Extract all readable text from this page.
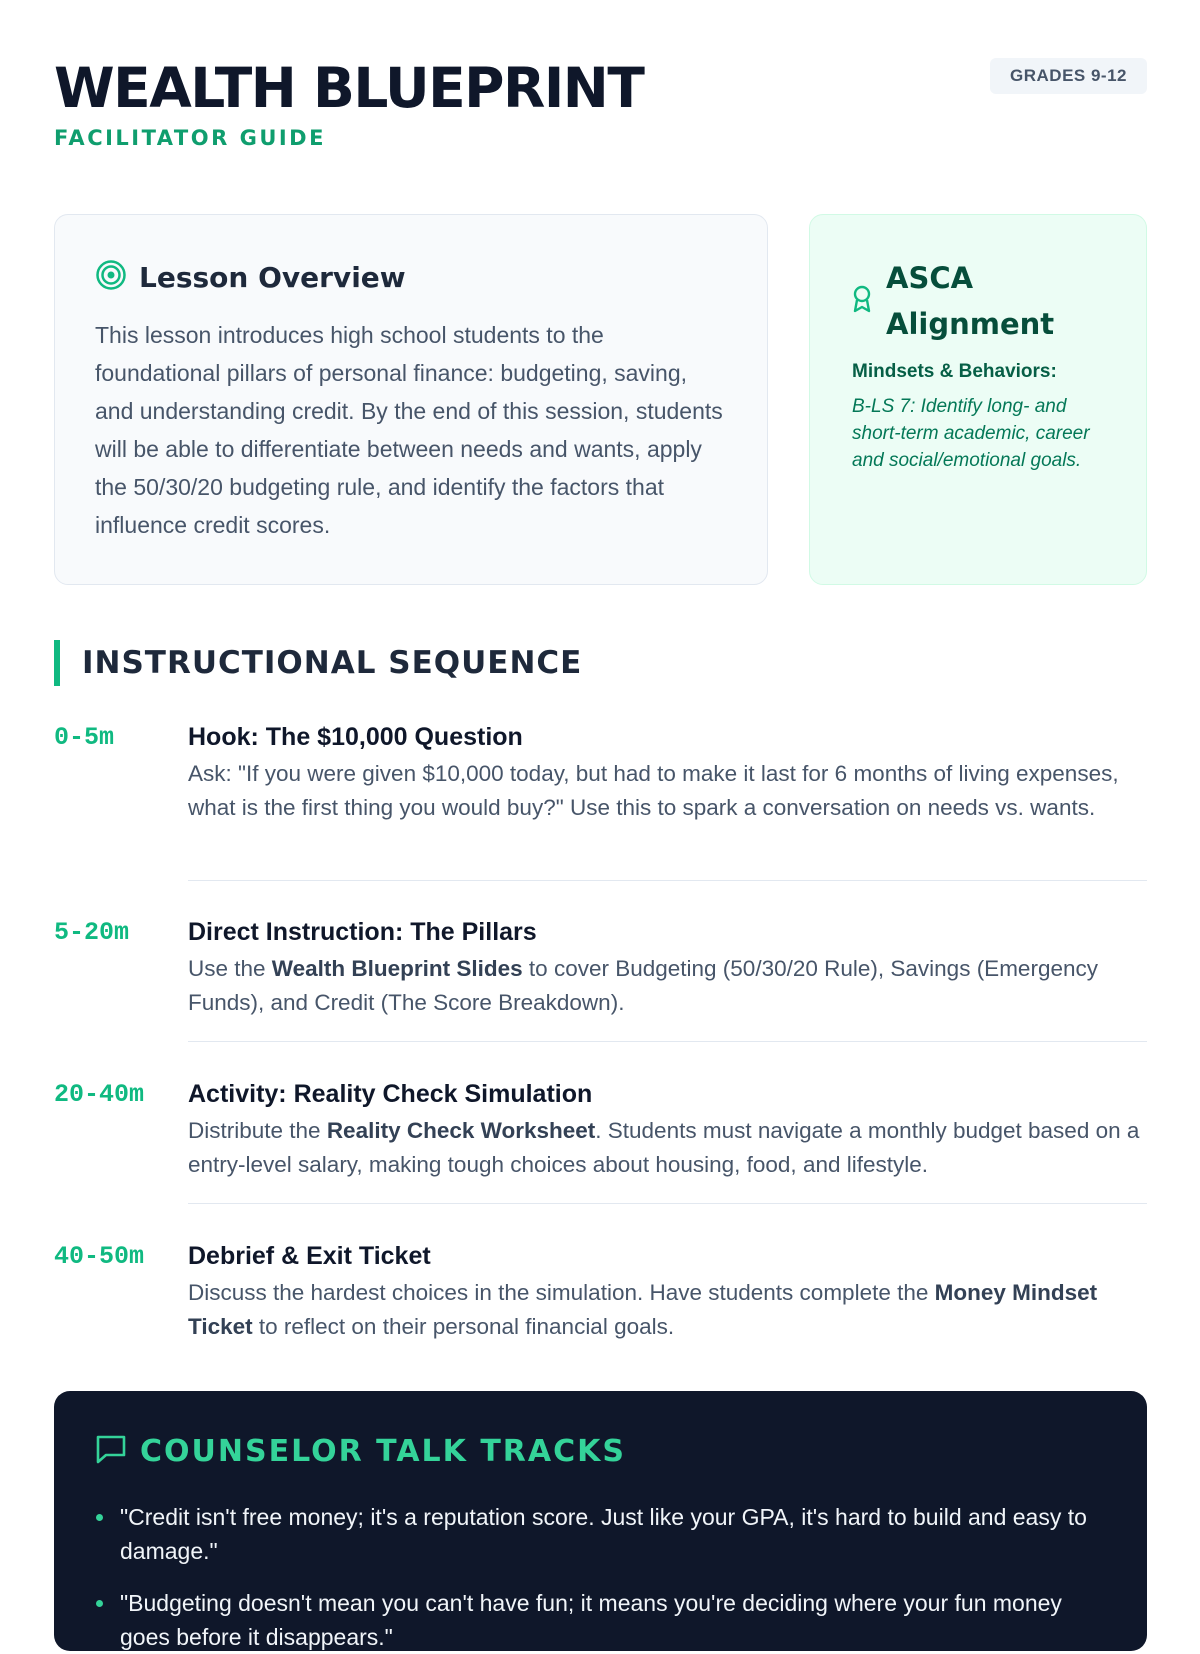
WEALTH BLUEPRINT
FACILITATOR GUIDE
GRADES 9-12
Lesson Overview

This lesson introduces high school students to the foundational pillars of personal finance: budgeting, saving, and understanding credit. By the end of this session, students will be able to differentiate between needs and wants, apply the 50/30/20 budgeting rule, and identify the factors that influence credit scores.

ASCA
Alignment
Mindsets & Behaviors:
B-LS 7: Identify long- and short-term academic, career and social/emotional goals.
INSTRUCTIONAL SEQUENCE
0-5m	Hook: The $10,000 Question

Ask: "If you were given $10,000 today, but had to make it last for 6 months of living expenses, what is the first thing you would buy?" Use this to spark a conversation on needs vs. wants.

5-20m Direct Instruction: The Pillars

Use the Wealth Blueprint Slides to cover Budgeting (50/30/20 Rule), Savings (Emergency Funds), and Credit (The Score Breakdown).

20-40m Activity: Reality Check Simulation

Distribute the Reality Check Worksheet. Students must navigate a monthly budget based on a entry-level salary, making tough choices about housing, food, and lifestyle.

40-50m Debrief & Exit Ticket

Discuss the hardest choices in the simulation. Have students complete the Money Mindset Ticket to reflect on their personal financial goals.

COUNSELOR TALK TRACKS
"Credit isn't free money; it's a reputation score. Just like your GPA, it's hard to build and easy to damage."
"Budgeting doesn't mean you can't have fun; it means you're deciding where your fun money goes before it disappears."
